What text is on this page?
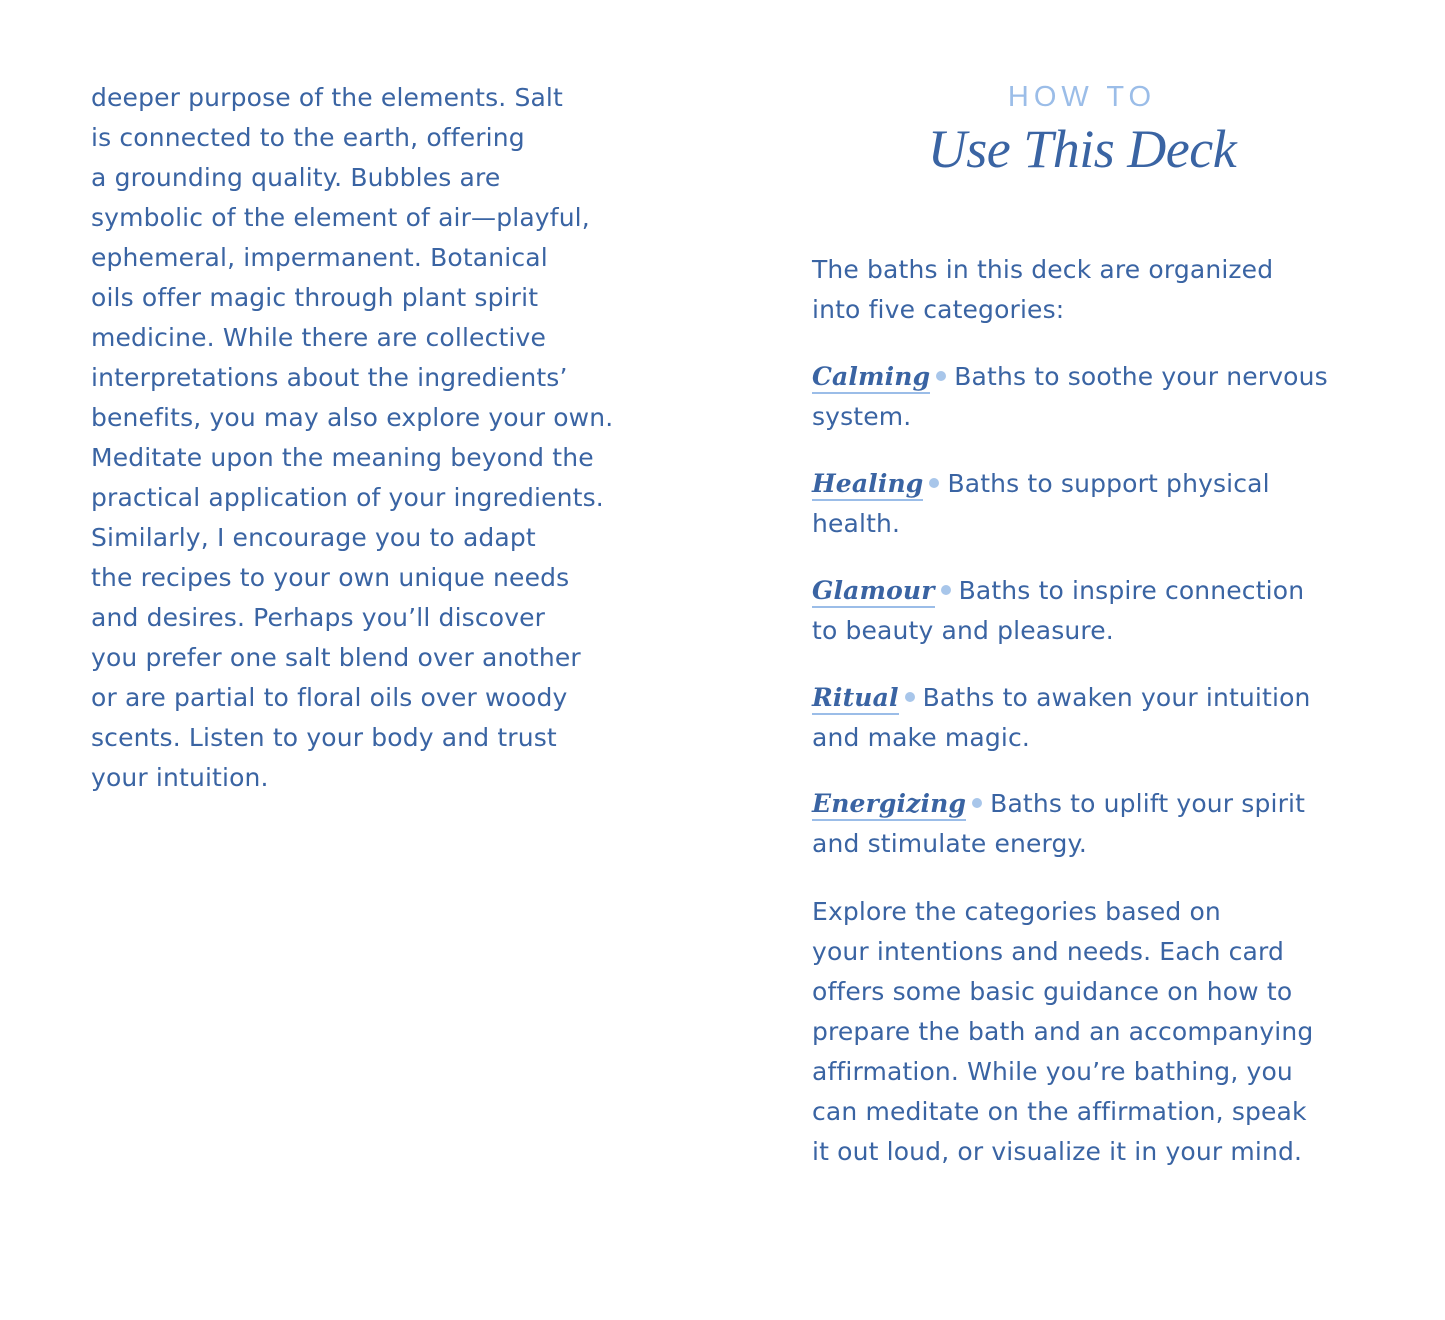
deeper purpose of the elements. Salt
is connected to the earth, offering
a grounding quality. Bubbles are
symbolic of the element of air—playful,
ephemeral, impermanent. Botanical
oils offer magic through plant spirit
medicine. While there are collective
interpretations about the ingredients’
benefits, you may also explore your own.
Meditate upon the meaning beyond the
practical application of your ingredients.
Similarly, I encourage you to adapt
the recipes to your own unique needs
and desires. Perhaps you’ll discover
you prefer one salt blend over another
or are partial to floral oils over woody
scents. Listen to your body and trust
your intuition.
HOW TO
Use This Deck
The baths in this deck are organized
into five categories:
Calming Baths to soothe your nervous
system.
Healing Baths to support physical
health.
Glamour Baths to inspire connection
to beauty and pleasure.
Ritual Baths to awaken your intuition
and make magic.
Energizing Baths to uplift your spirit
and stimulate energy.
Explore the categories based on
your intentions and needs. Each card
offers some basic guidance on how to
prepare the bath and an accompanying
affirmation. While you’re bathing, you
can meditate on the affirmation, speak
it out loud, or visualize it in your mind.
